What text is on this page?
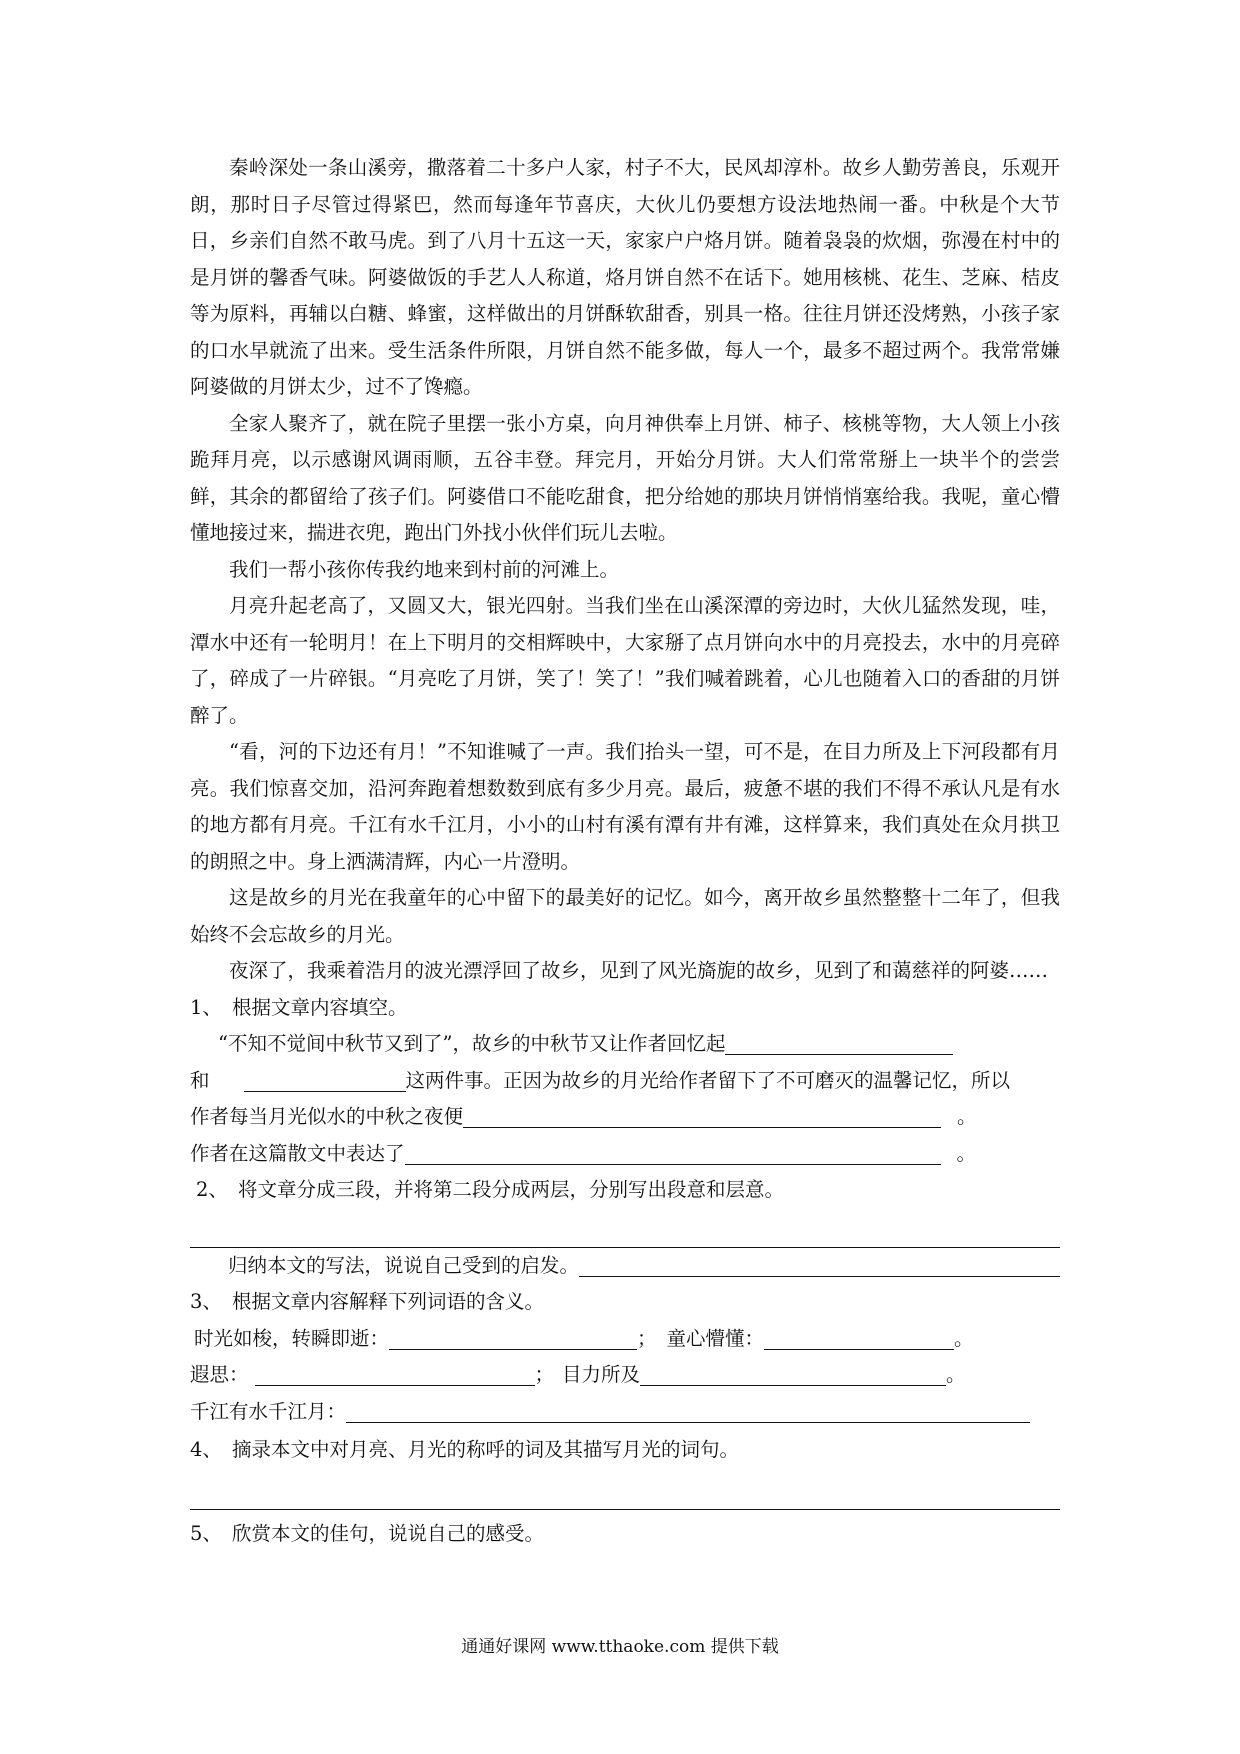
秦岭深处一条山溪旁，撒落着二十多户人家，村子不大，民风却淳朴。故乡人勤劳善良，乐观开朗，那时日子尽管过得紧巴，然而每逢年节喜庆，大伙儿仍要想方设法地热闹一番。中秋是个大节日，乡亲们自然不敢马虎。到了八月十五这一天，家家户户烙月饼。随着袅袅的炊烟，弥漫在村中的是月饼的馨香气味。阿婆做饭的手艺人人称道，烙月饼自然不在话下。她用核桃、花生、芝麻、桔皮等为原料，再辅以白糖、蜂蜜，这样做出的月饼酥软甜香，别具一格。往往月饼还没烤熟，小孩子家的口水早就流了出来。受生活条件所限，月饼自然不能多做，每人一个，最多不超过两个。我常常嫌阿婆做的月饼太少，过不了馋瘾。

全家人聚齐了，就在院子里摆一张小方桌，向月神供奉上月饼、柿子、核桃等物，大人领上小孩跪拜月亮，以示感谢风调雨顺，五谷丰登。拜完月，开始分月饼。大人们常常掰上一块半个的尝尝鲜，其余的都留给了孩子们。阿婆借口不能吃甜食，把分给她的那块月饼悄悄塞给我。我呢，童心懵懂地接过来，揣进衣兜，跑出门外找小伙伴们玩儿去啦。

我们一帮小孩你传我约地来到村前的河滩上。

月亮升起老高了，又圆又大，银光四射。当我们坐在山溪深潭的旁边时，大伙儿猛然发现，哇，潭水中还有一轮明月！在上下明月的交相辉映中，大家掰了点月饼向水中的月亮投去，水中的月亮碎了，碎成了一片碎银。“月亮吃了月饼，笑了！笑了！”我们喊着跳着，心儿也随着入口的香甜的月饼醉了。

“看，河的下边还有月！”不知谁喊了一声。我们抬头一望，可不是，在目力所及上下河段都有月亮。我们惊喜交加，沿河奔跑着想数数到底有多少月亮。最后，疲惫不堪的我们不得不承认凡是有水的地方都有月亮。千江有水千江月，小小的山村有溪有潭有井有滩，这样算来，我们真处在众月拱卫的朗照之中。身上洒满清辉，内心一片澄明。

这是故乡的月光在我童年的心中留下的最美好的记忆。如今，离开故乡虽然整整十二年了，但我始终不会忘故乡的月光。

夜深了，我乘着浩月的波光漂浮回了故乡，见到了风光旖旎的故乡，见到了和蔼慈祥的阿婆……

1、 根据文章内容填空。

“不知不觉间中秋节又到了”，故乡的中秋节又让作者回忆起

和	这两件事。正因为故乡的月光给作者留下了不可磨灭的温馨记忆，所以

作者每当月光似水的中秋之夜便	。

作者在这篇散文中表达了	。

2、 将文章分成三段，并将第二段分成两层，分别写出段意和层意。

归纳本文的写法，说说自己受到的启发。

3、 根据文章内容解释下列词语的含义。

时光如梭，转瞬即逝：	； 童心懵懂：	。

遐思：	； 目力所及	。

千江有水千江月：

4、 摘录本文中对月亮、月光的称呼的词及其描写月光的词句。

5、 欣赏本文的佳句，说说自己的感受。

通通好课网 www.tthaoke.com 提供下载
